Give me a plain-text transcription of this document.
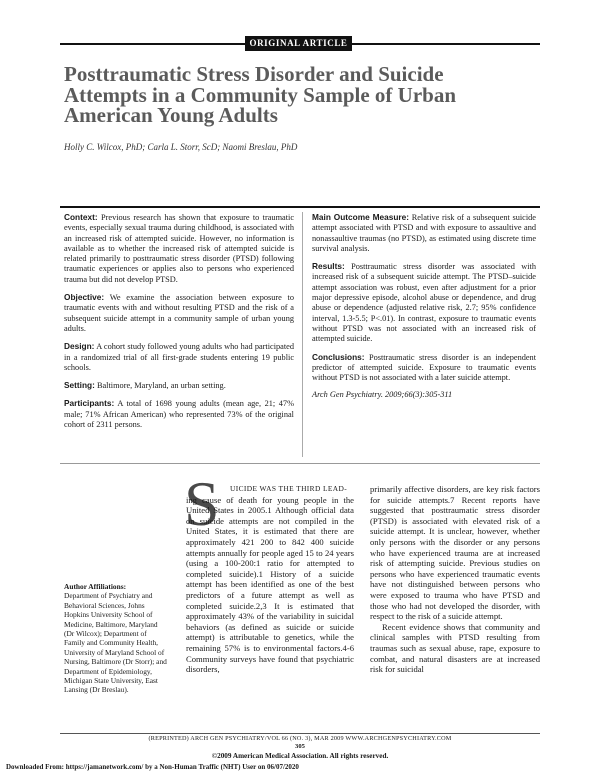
ORIGINAL ARTICLE
Posttraumatic Stress Disorder and Suicide Attempts in a Community Sample of Urban American Young Adults
Holly C. Wilcox, PhD; Carla L. Storr, ScD; Naomi Breslau, PhD

Context: Previous research has shown that exposure to traumatic events, especially sexual trauma during childhood, is associated with an increased risk of attempted suicide. However, no information is available as to whether the increased risk of attempted suicide is related primarily to posttraumatic stress disorder (PTSD) following traumatic experiences or applies also to persons who experienced trauma but did not develop PTSD.

Objective: We examine the association between exposure to traumatic events with and without resulting PTSD and the risk of a subsequent suicide attempt in a community sample of urban young adults.

Design: A cohort study followed young adults who had participated in a randomized trial of all first-grade students entering 19 public schools.

Setting: Baltimore, Maryland, an urban setting.

Participants: A total of 1698 young adults (mean age, 21; 47% male; 71% African American) who represented 73% of the original cohort of 2311 persons.

Main Outcome Measure: Relative risk of a subsequent suicide attempt associated with PTSD and with exposure to assaultive and nonassaultive traumas (no PTSD), as estimated using discrete time survival analysis.

Results: Posttraumatic stress disorder was associated with increased risk of a subsequent suicide attempt. The PTSD–suicide attempt association was robust, even after adjustment for a prior major depressive episode, alcohol abuse or dependence, and drug abuse or dependence (adjusted relative risk, 2.7; 95% confidence interval, 1.3-5.5; P<.01). In contrast, exposure to traumatic events without PTSD was not associated with an increased risk of attempted suicide.

Conclusions: Posttraumatic stress disorder is an independent predictor of attempted suicide. Exposure to traumatic events without PTSD is not associated with a later suicide attempt.

Arch Gen Psychiatry. 2009;66(3):305-311

S	UICIDE WAS THE THIRD LEAD-
ing cause of death for young people in the United States in 2005.1 Although official data on suicide attempts are not compiled in the United States, it is estimated that there are approximately 421 200 to 842 400 suicide attempts annually for people aged 15 to 24 years (using a 100-200:1 ratio for attempted to completed suicide).1 History of a suicide attempt has been identified as one of the best predictors of a future attempt as well as completed suicide.2,3 It is estimated that approximately 43% of the variability in suicidal behaviors (as defined as suicide or suicide attempt) is attributable to genetics, while the remaining 57% is to environmental factors.4-6 Community surveys have found that psychiatric disorders,

primarily affective disorders, are key risk factors for suicide attempts.7 Recent reports have suggested that posttraumatic stress disorder (PTSD) is associated with elevated risk of a suicide attempt. It is unclear, however, whether only persons with the disorder or any persons who have experienced trauma are at increased risk of attempting suicide. Previous studies on persons who have experienced traumatic events have not distinguished between persons who were exposed to trauma who have PTSD and those who had not developed the disorder, with respect to the risk of a suicide attempt.

Recent evidence shows that community and clinical samples with PTSD resulting from traumas such as sexual abuse, rape, exposure to combat, and natural disasters are at increased risk for suicidal

Author Affiliations:
Department of Psychiatry and Behavioral Sciences, Johns Hopkins University School of Medicine, Baltimore, Maryland (Dr Wilcox); Department of Family and Community Health, University of Maryland School of Nursing, Baltimore (Dr Storr); and Department of Epidemiology, Michigan State University, East Lansing (Dr Breslau).
(REPRINTED) ARCH GEN PSYCHIATRY/VOL 66 (NO. 3), MAR 2009 WWW.ARCHGENPSYCHIATRY.COM
305
©2009 American Medical Association. All rights reserved.
Downloaded From: https://jamanetwork.com/ by a Non-Human Traffic (NHT) User on 06/07/2020
